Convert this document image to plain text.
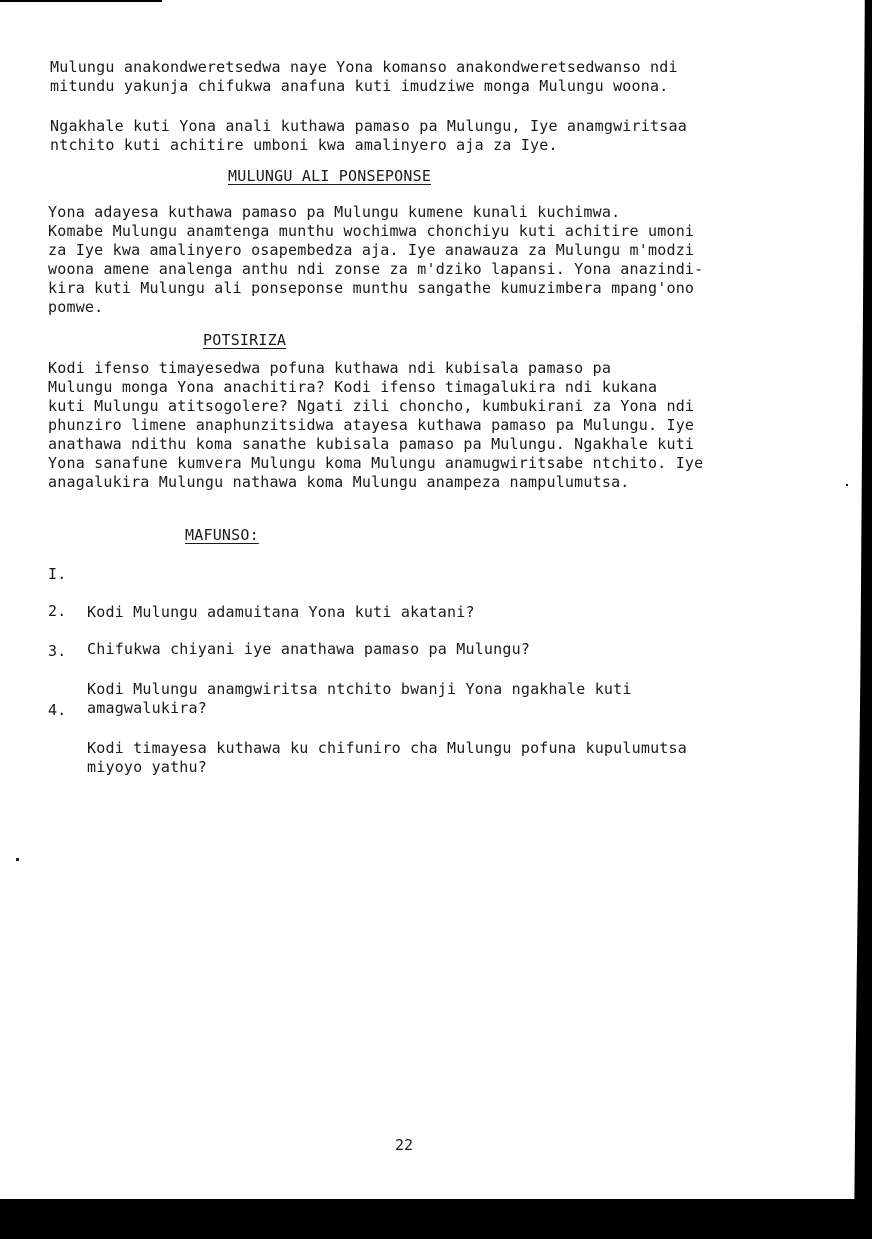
Mulungu anakondweretsedwa naye Yona komanso anakondweretsedwanso ndi
mitundu yakunja chifukwa anafuna kuti imudziwe monga Mulungu woona.

Ngakhale kuti Yona anali kuthawa pamaso pa Mulungu, Iye anamgwiritsaa
ntchito kuti achitire umboni kwa amalinyero aja za Iye.

MULUNGU ALI PONSEPONSE

Yona adayesa kuthawa pamaso pa Mulungu kumene kunali kuchimwa.
Komabe Mulungu anamtenga munthu wochimwa chonchiyu kuti achitire umoni
za Iye kwa amalinyero osapembedza aja. Iye anawauza za Mulungu m'modzi
woona amene analenga anthu ndi zonse za m'dziko lapansi. Yona anazindi-
kira kuti Mulungu ali ponseponse munthu sangathe kumuzimbera mpang'ono
pomwe.

POTSIRIZA

Kodi ifenso timayesedwa pofuna kuthawa ndi kubisala pamaso pa
Mulungu monga Yona anachitira? Kodi ifenso timagalukira ndi kukana
kuti Mulungu atitsogolere? Ngati zili choncho, kumbukirani za Yona ndi
phunziro limene anaphunzitsidwa atayesa kuthawa pamaso pa Mulungu. Iye
anathawa ndithu koma sanathe kubisala pamaso pa Mulungu. Ngakhale kuti
Yona sanafune kumvera Mulungu koma Mulungu anamugwiritsabe ntchito. Iye
anagalukira Mulungu nathawa koma Mulungu anampeza nampulumutsa.

MAFUNSO:

I.

Kodi Mulungu adamuitana Yona kuti akatani?

2.

Chifukwa chiyani iye anathawa pamaso pa Mulungu?

3.

Kodi Mulungu anamgwiritsa ntchito bwanji Yona ngakhale kuti
amagwalukira?

4.

Kodi timayesa kuthawa ku chifuniro cha Mulungu pofuna kupulumutsa
miyoyo yathu?

22
